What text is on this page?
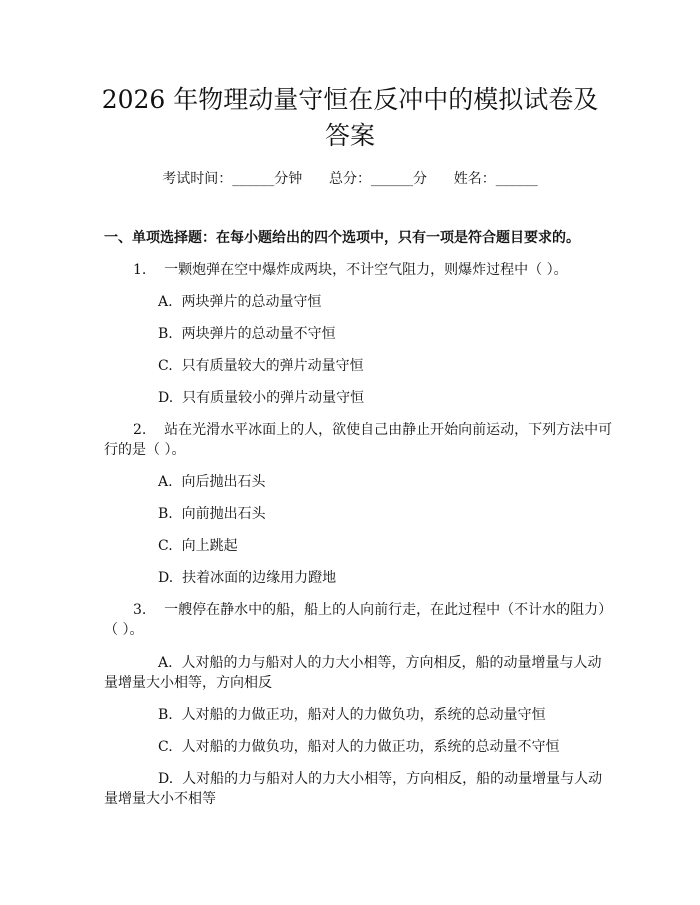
2026 年物理动量守恒在反冲中的模拟试卷及
答案
考试时间：______分钟      总分：______分      姓名：______
一、单项选择题：在每小题给出的四个选项中，只有一项是符合题目要求的。
1.    一颗炮弹在空中爆炸成两块，不计空气阻力，则爆炸过程中（ ）。
A.  两块弹片的总动量守恒
B.  两块弹片的总动量不守恒
C.  只有质量较大的弹片动量守恒
D.  只有质量较小的弹片动量守恒
2.    站在光滑水平冰面上的人，欲使自己由静止开始向前运动，下列方法中可
行的是（ ）。
A.  向后抛出石头
B.  向前抛出石头
C.  向上跳起
D.  扶着冰面的边缘用力蹬地
3.    一艘停在静水中的船，船上的人向前行走，在此过程中（不计水的阻力）
（ ）。
A.  人对船的力与船对人的力大小相等，方向相反，船的动量增量与人动
量增量大小相等，方向相反
B.  人对船的力做正功，船对人的力做负功，系统的总动量守恒
C.  人对船的力做负功，船对人的力做正功，系统的总动量不守恒
D.  人对船的力与船对人的力大小相等，方向相反，船的动量增量与人动
量增量大小不相等
